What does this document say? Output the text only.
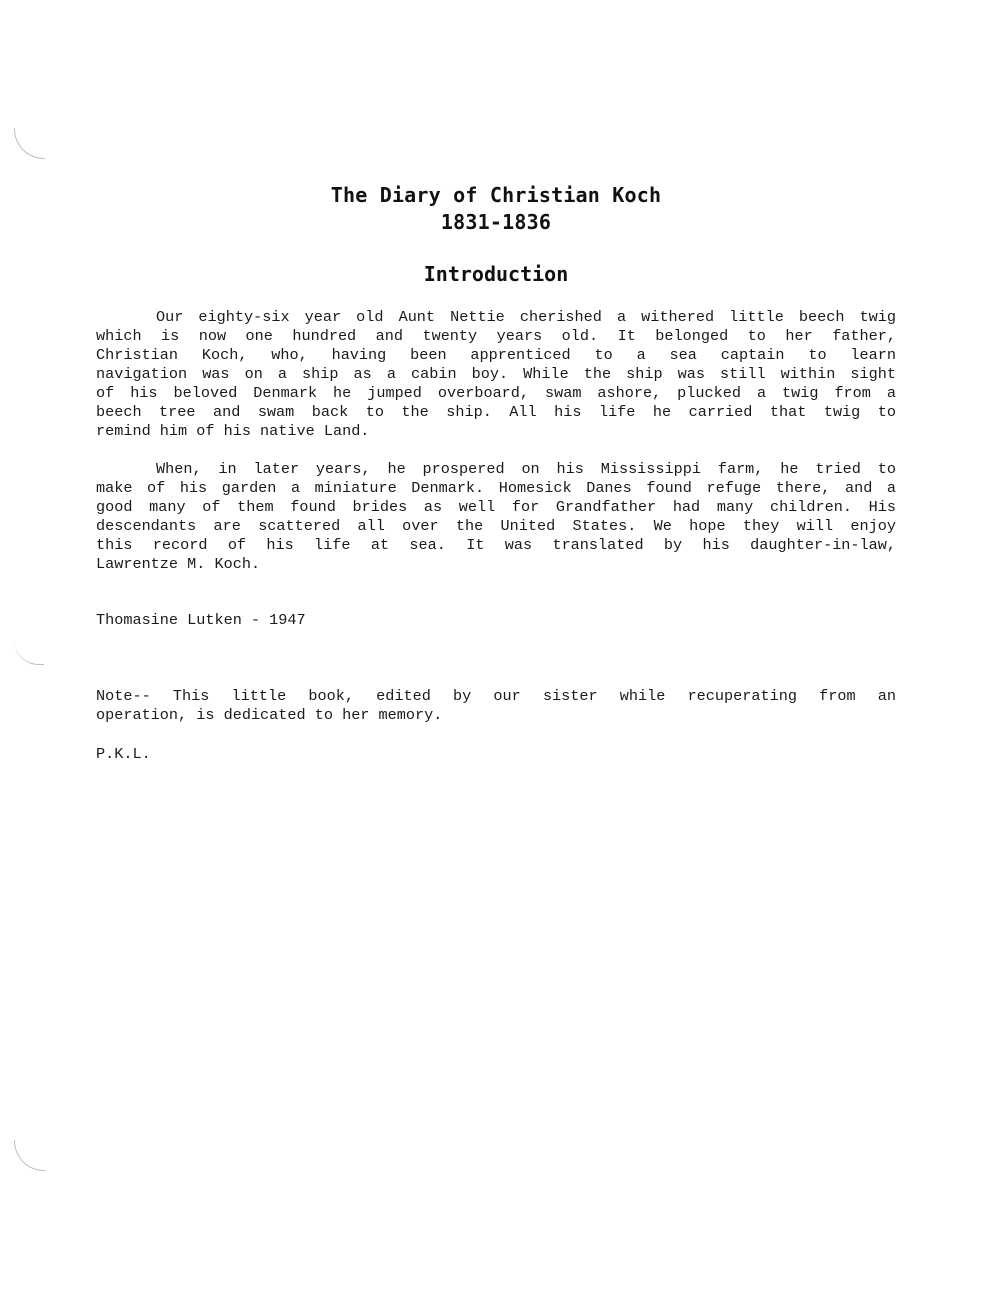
The Diary of Christian Koch
1831-1836
Introduction
Our eighty-six year old Aunt Nettie cherished a withered little beech twig
which is now one hundred and twenty years old. It belonged to her father,
Christian Koch, who, having been apprenticed to a sea captain to learn
navigation was on a ship as a cabin boy. While the ship was still within sight
of his beloved Denmark he jumped overboard, swam ashore, plucked a twig from a
beech tree and swam back to the ship. All his life he carried that twig to
remind him of his native Land.
When, in later years, he prospered on his Mississippi farm, he tried to
make of his garden a miniature Denmark. Homesick Danes found refuge there, and a
good many of them found brides as well for Grandfather had many children. His
descendants are scattered all over the United States. We hope they will enjoy
this record of his life at sea. It was translated by his daughter-in-law,
Lawrentze M. Koch.
Thomasine Lutken - 1947
Note-- This little book, edited by our sister while recuperating from an
operation, is dedicated to her memory.
P.K.L.
